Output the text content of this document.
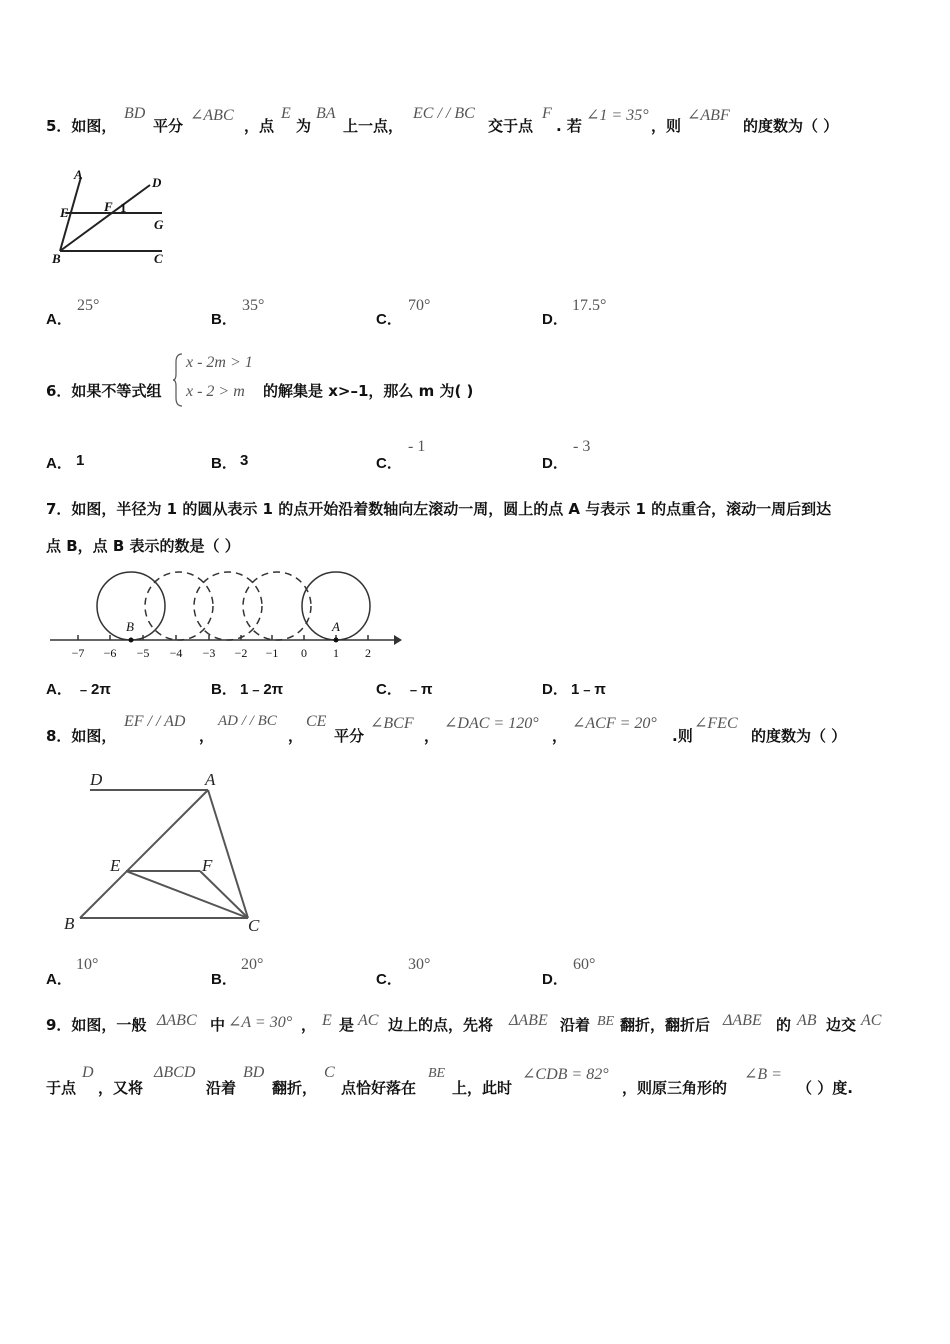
5．如图，
BD
平分
∠ABC
，点
E
为
BA
上一点，
EC / / BC
交于点
F
. 若
∠1 = 35°
，则
∠ABF
的度数为（ ）
A
D
E	F 1
G
B	C
A．
25°
B．
35°
C．
70°
D．
17.5°
6．如果不等式组
x - 2m > 1
x - 2 > m 的解集是 x>–1，那么 m 为( )
A． 1	B． 3	C．
- 1
D．
- 3
7．如图，半径为 1 的圆从表示 1 的点开始沿着数轴向左滚动一周，圆上的点 A 与表示 1 的点重合，滚动一周后到达
点 B，点 B 表示的数是（ ）
B	A
−7 −6 −5 −4 −3 −2 −1 0 1 2
A． ﹣2π	B． 1﹣2π	C． ﹣π	D． 1﹣π
8．如图，
EF / / AD
，
AD / / BC
，
CE
平分
∠BCF
，
∠DAC = 120°
，
∠ACF = 20°
.则
∠FEC
的度数为（ ）
D	A
E	F
B	C
A．
10°
B．
20°
C．
30°
D．
60°
9．如图，一般 ΔABC 中 ∠A = 30° ， E 是 AC 边上的点，先将 ΔABE 沿着 BE 翻折，翻折后 ΔABE 的 AB 边交 AC
于点
D
，又将
ΔBCD
沿着
BD
翻折，
C
点恰好落在
BE
上，此时
∠CDB = 82°
，则原三角形的
∠B =
（ ）度.
